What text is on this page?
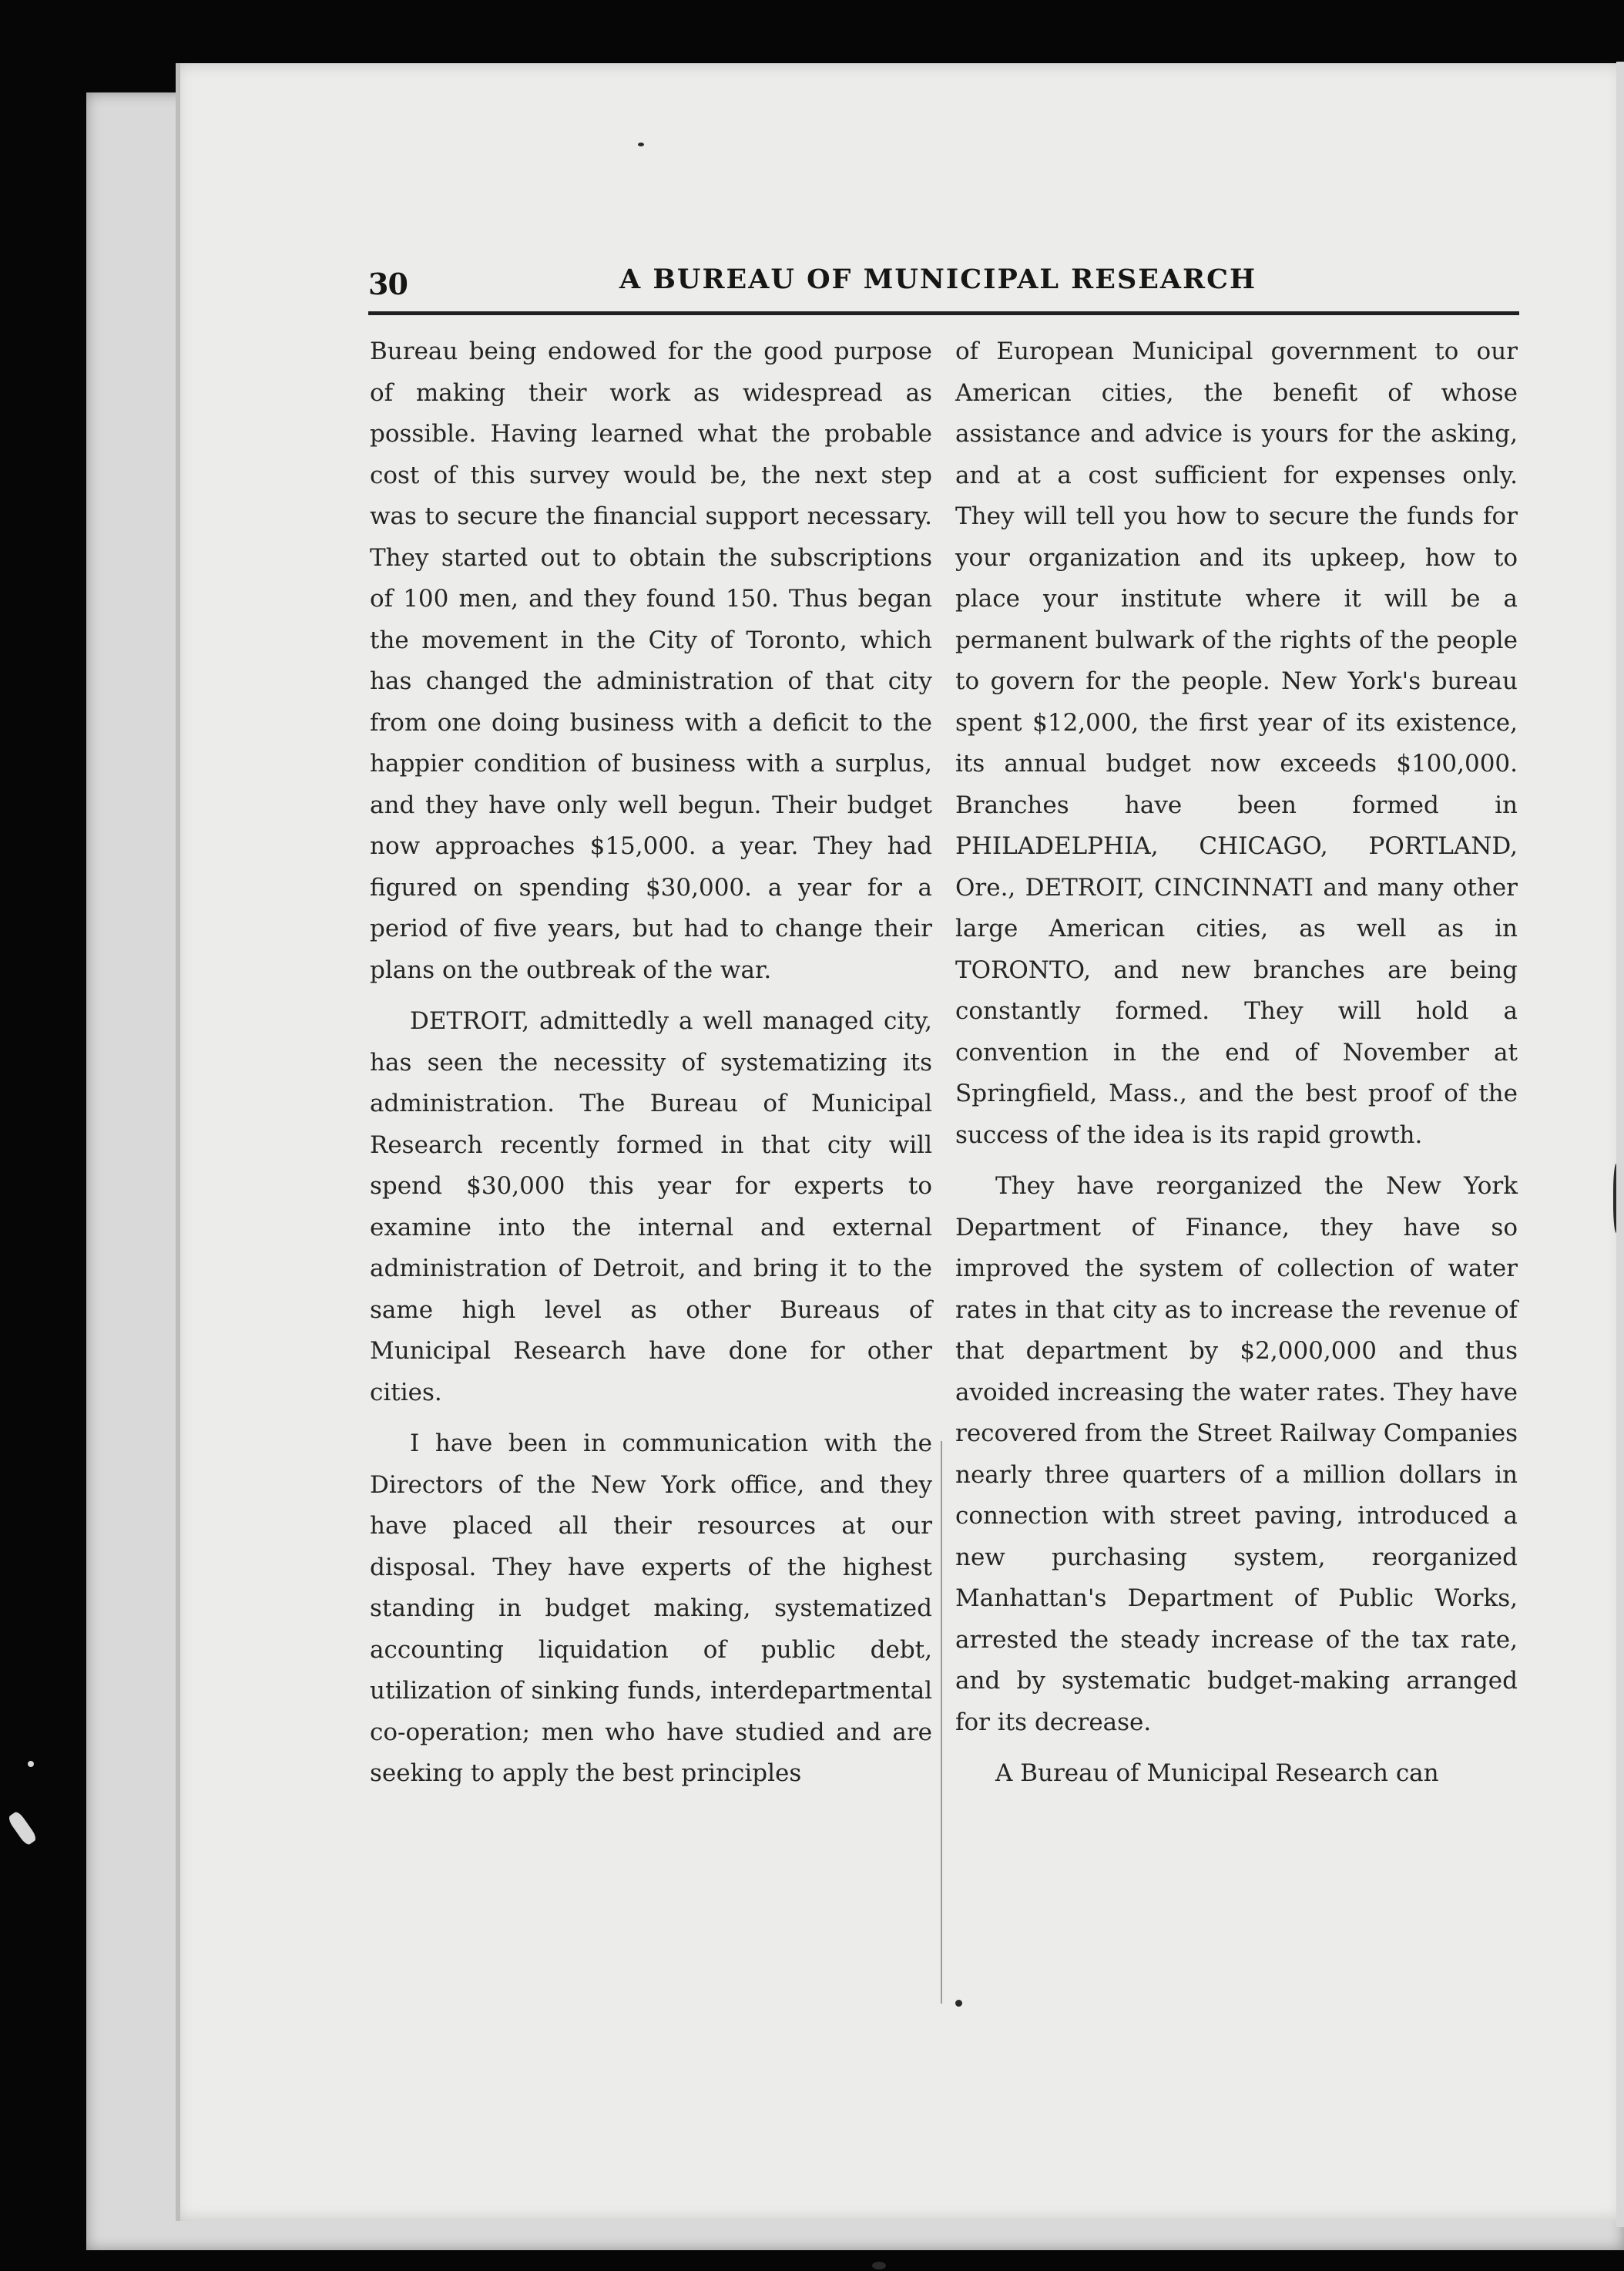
30	A BUREAU OF MUNICIPAL RESEARCH

Bureau being endowed for the good purpose of making their work as widespread as possible. Having learned what the probable cost of this survey would be, the next step was to secure the financial support necessary. They started out to obtain the subscriptions of 100 men, and they found 150. Thus began the movement in the City of Toronto, which has changed the administration of that city from one doing business with a deficit to the happier condition of business with a surplus, and they have only well begun. Their budget now approaches $15,000. a year. They had figured on spending $30,000. a year for a period of five years, but had to change their plans on the outbreak of the war.

DETROIT, admittedly a well managed city, has seen the necessity of systematizing its administration. The Bureau of Municipal Research recently formed in that city will spend $30,000 this year for experts to examine into the internal and external administration of Detroit, and bring it to the same high level as other Bureaus of Municipal Research have done for other cities.

I have been in communication with the Directors of the New York office, and they have placed all their resources at our disposal. They have experts of the highest standing in budget making, systematized accounting liquidation of public debt, utilization of sinking funds, interdepartmental co-operation; men who have studied and are seeking to apply the best principles

of European Municipal government to our American cities, the benefit of whose assistance and advice is yours for the asking, and at a cost sufficient for expenses only. They will tell you how to secure the funds for your organization and its upkeep, how to place your institute where it will be a permanent bulwark of the rights of the people to govern for the people. New York's bureau spent $12,000, the first year of its existence, its annual budget now exceeds $100,000. Branches have been formed in PHILADELPHIA, CHICAGO, PORTLAND, Ore., DETROIT, CINCINNATI and many other large American cities, as well as in TORONTO, and new branches are being constantly formed. They will hold a convention in the end of November at Springfield, Mass., and the best proof of the success of the idea is its rapid growth.

They have reorganized the New York Department of Finance, they have so improved the system of collection of water rates in that city as to increase the revenue of that department by $2,000,000 and thus avoided increasing the water rates. They have recovered from the Street Railway Companies nearly three quarters of a million dollars in connection with street paving, introduced a new purchasing system, reorganized Manhattan's Department of Public Works, arrested the steady increase of the tax rate, and by systematic budget-making arranged for its decrease.

A Bureau of Municipal Research can
